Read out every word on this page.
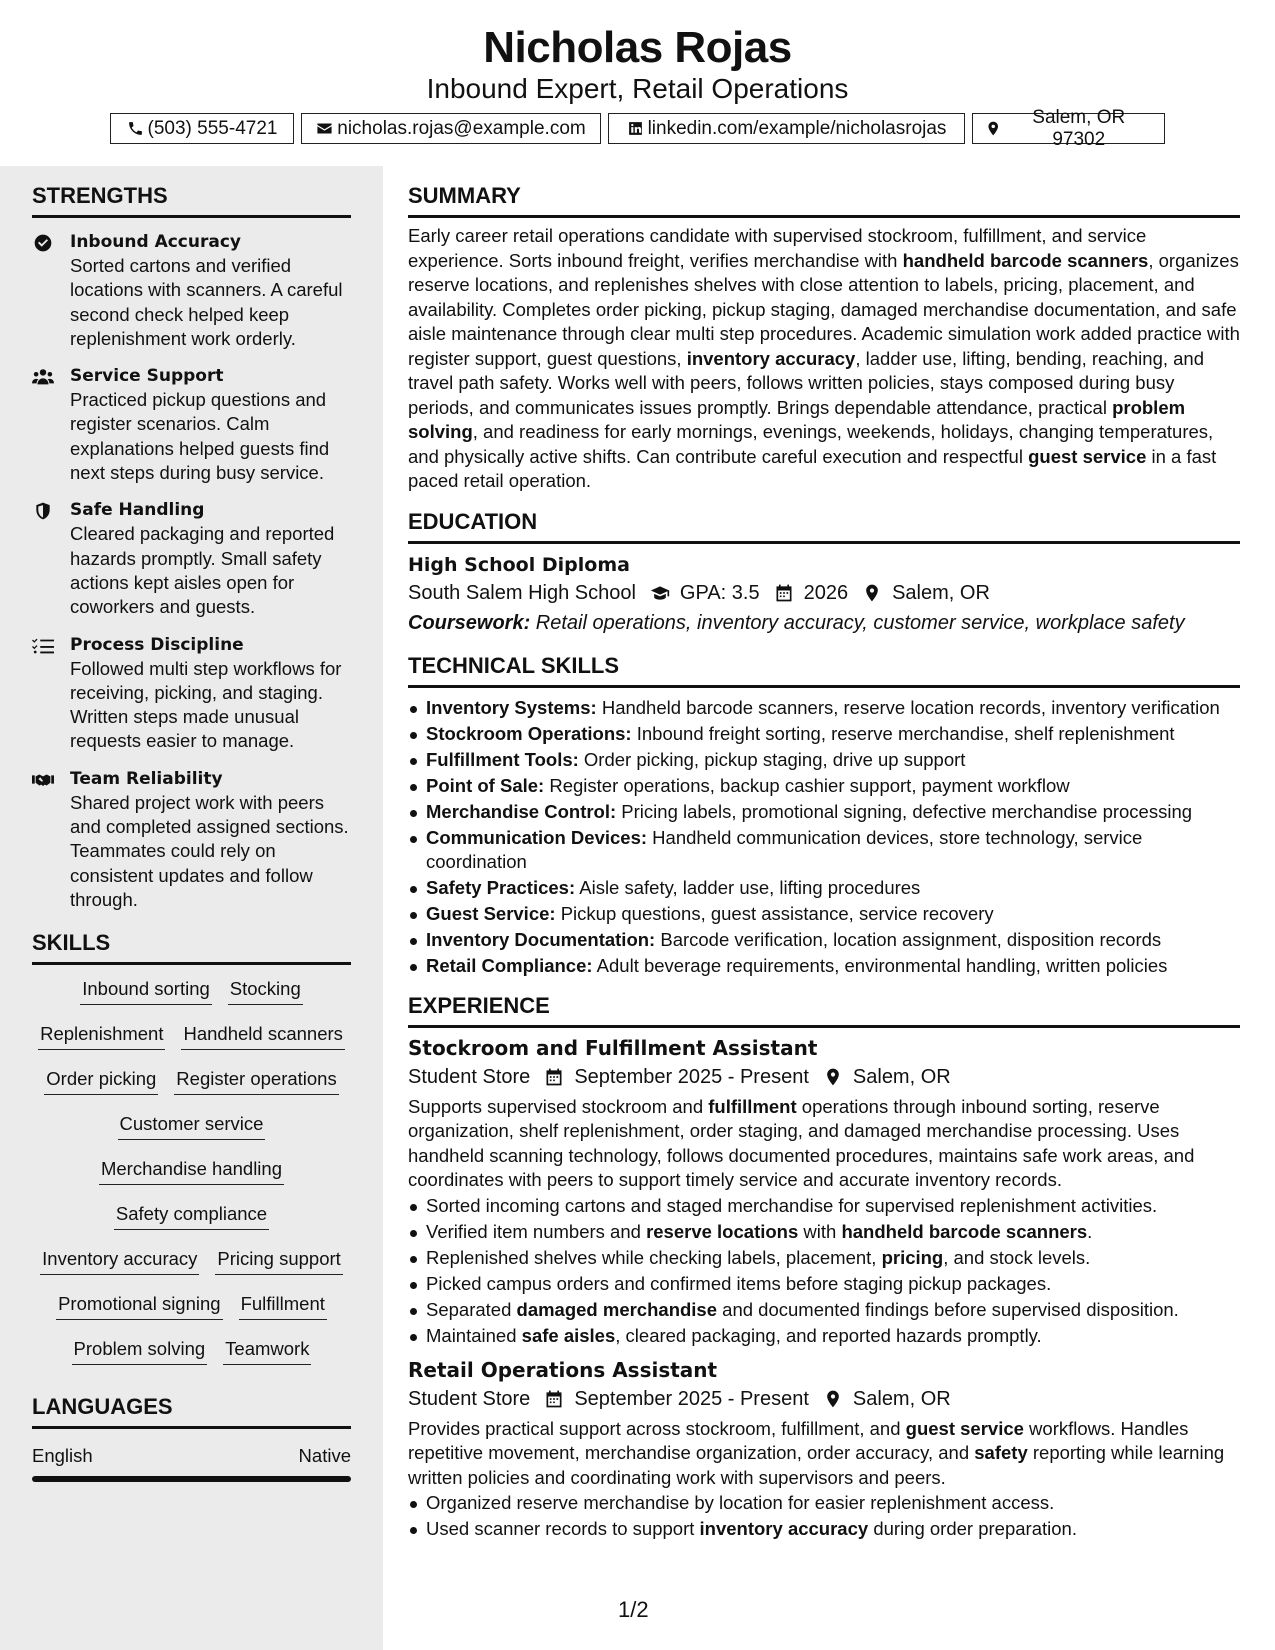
Nicholas Rojas
Inbound Expert, Retail Operations
(503) 555-4721	nicholas.rojas@example.com	linkedin.com/example/nicholasrojas
Salem, OR 97302
STRENGTHS
Inbound Accuracy
Sorted cartons and verified locations with scanners. A careful second check helped keep replenishment work orderly.
Service Support
Practiced pickup questions and register scenarios. Calm explanations helped guests find next steps during busy service.
Safe Handling
Cleared packaging and reported hazards promptly. Small safety actions kept aisles open for coworkers and guests.
Process Discipline
Followed multi step workflows for receiving, picking, and staging. Written steps made unusual requests easier to manage.
Team Reliability
Shared project work with peers and completed assigned sections. Teammates could rely on consistent updates and follow through.
SKILLS
Inbound sorting Stocking
Replenishment Handheld scanners
Order picking Register operations
Customer service
Merchandise handling
Safety compliance
Inventory accuracy Pricing support
Promotional signing Fulfillment
Problem solving Teamwork
LANGUAGES
English	Native
SUMMARY
Early career retail operations candidate with supervised stockroom, fulfillment, and service experience. Sorts inbound freight, verifies merchandise with handheld barcode scanners, organizes reserve locations, and replenishes shelves with close attention to labels, pricing, placement, and availability. Completes order picking, pickup staging, damaged merchandise documentation, and safe aisle maintenance through clear multi step procedures. Academic simulation work added practice with register support, guest questions, inventory accuracy, ladder use, lifting, bending, reaching, and travel path safety. Works well with peers, follows written policies, stays composed during busy periods, and communicates issues promptly. Brings dependable attendance, practical problem solving, and readiness for early mornings, evenings, weekends, holidays, changing temperatures, and physically active shifts. Can contribute careful execution and respectful guest service in a fast paced retail operation.
EDUCATION
High School Diploma
South Salem High School GPA: 3.5 2026 Salem, OR
Coursework: Retail operations, inventory accuracy, customer service, workplace safety
TECHNICAL SKILLS
Inventory Systems: Handheld barcode scanners, reserve location records, inventory verification
Stockroom Operations: Inbound freight sorting, reserve merchandise, shelf replenishment
Fulfillment Tools: Order picking, pickup staging, drive up support
Point of Sale: Register operations, backup cashier support, payment workflow
Merchandise Control: Pricing labels, promotional signing, defective merchandise processing
Communication Devices: Handheld communication devices, store technology, service coordination
Safety Practices: Aisle safety, ladder use, lifting procedures
Guest Service: Pickup questions, guest assistance, service recovery
Inventory Documentation: Barcode verification, location assignment, disposition records
Retail Compliance: Adult beverage requirements, environmental handling, written policies
EXPERIENCE
Stockroom and Fulfillment Assistant
Student Store September 2025 - Present Salem, OR
Supports supervised stockroom and fulfillment operations through inbound sorting, reserve organization, shelf replenishment, order staging, and damaged merchandise processing. Uses handheld scanning technology, follows documented procedures, maintains safe work areas, and coordinates with peers to support timely service and accurate inventory records.
Sorted incoming cartons and staged merchandise for supervised replenishment activities.
Verified item numbers and reserve locations with handheld barcode scanners.
Replenished shelves while checking labels, placement, pricing, and stock levels.
Picked campus orders and confirmed items before staging pickup packages.
Separated damaged merchandise and documented findings before supervised disposition.
Maintained safe aisles, cleared packaging, and reported hazards promptly.
Retail Operations Assistant
Student Store September 2025 - Present Salem, OR
Provides practical support across stockroom, fulfillment, and guest service workflows. Handles repetitive movement, merchandise organization, order accuracy, and safety reporting while learning written policies and coordinating work with supervisors and peers.
Organized reserve merchandise by location for easier replenishment access.
Used scanner records to support inventory accuracy during order preparation.
1/2
